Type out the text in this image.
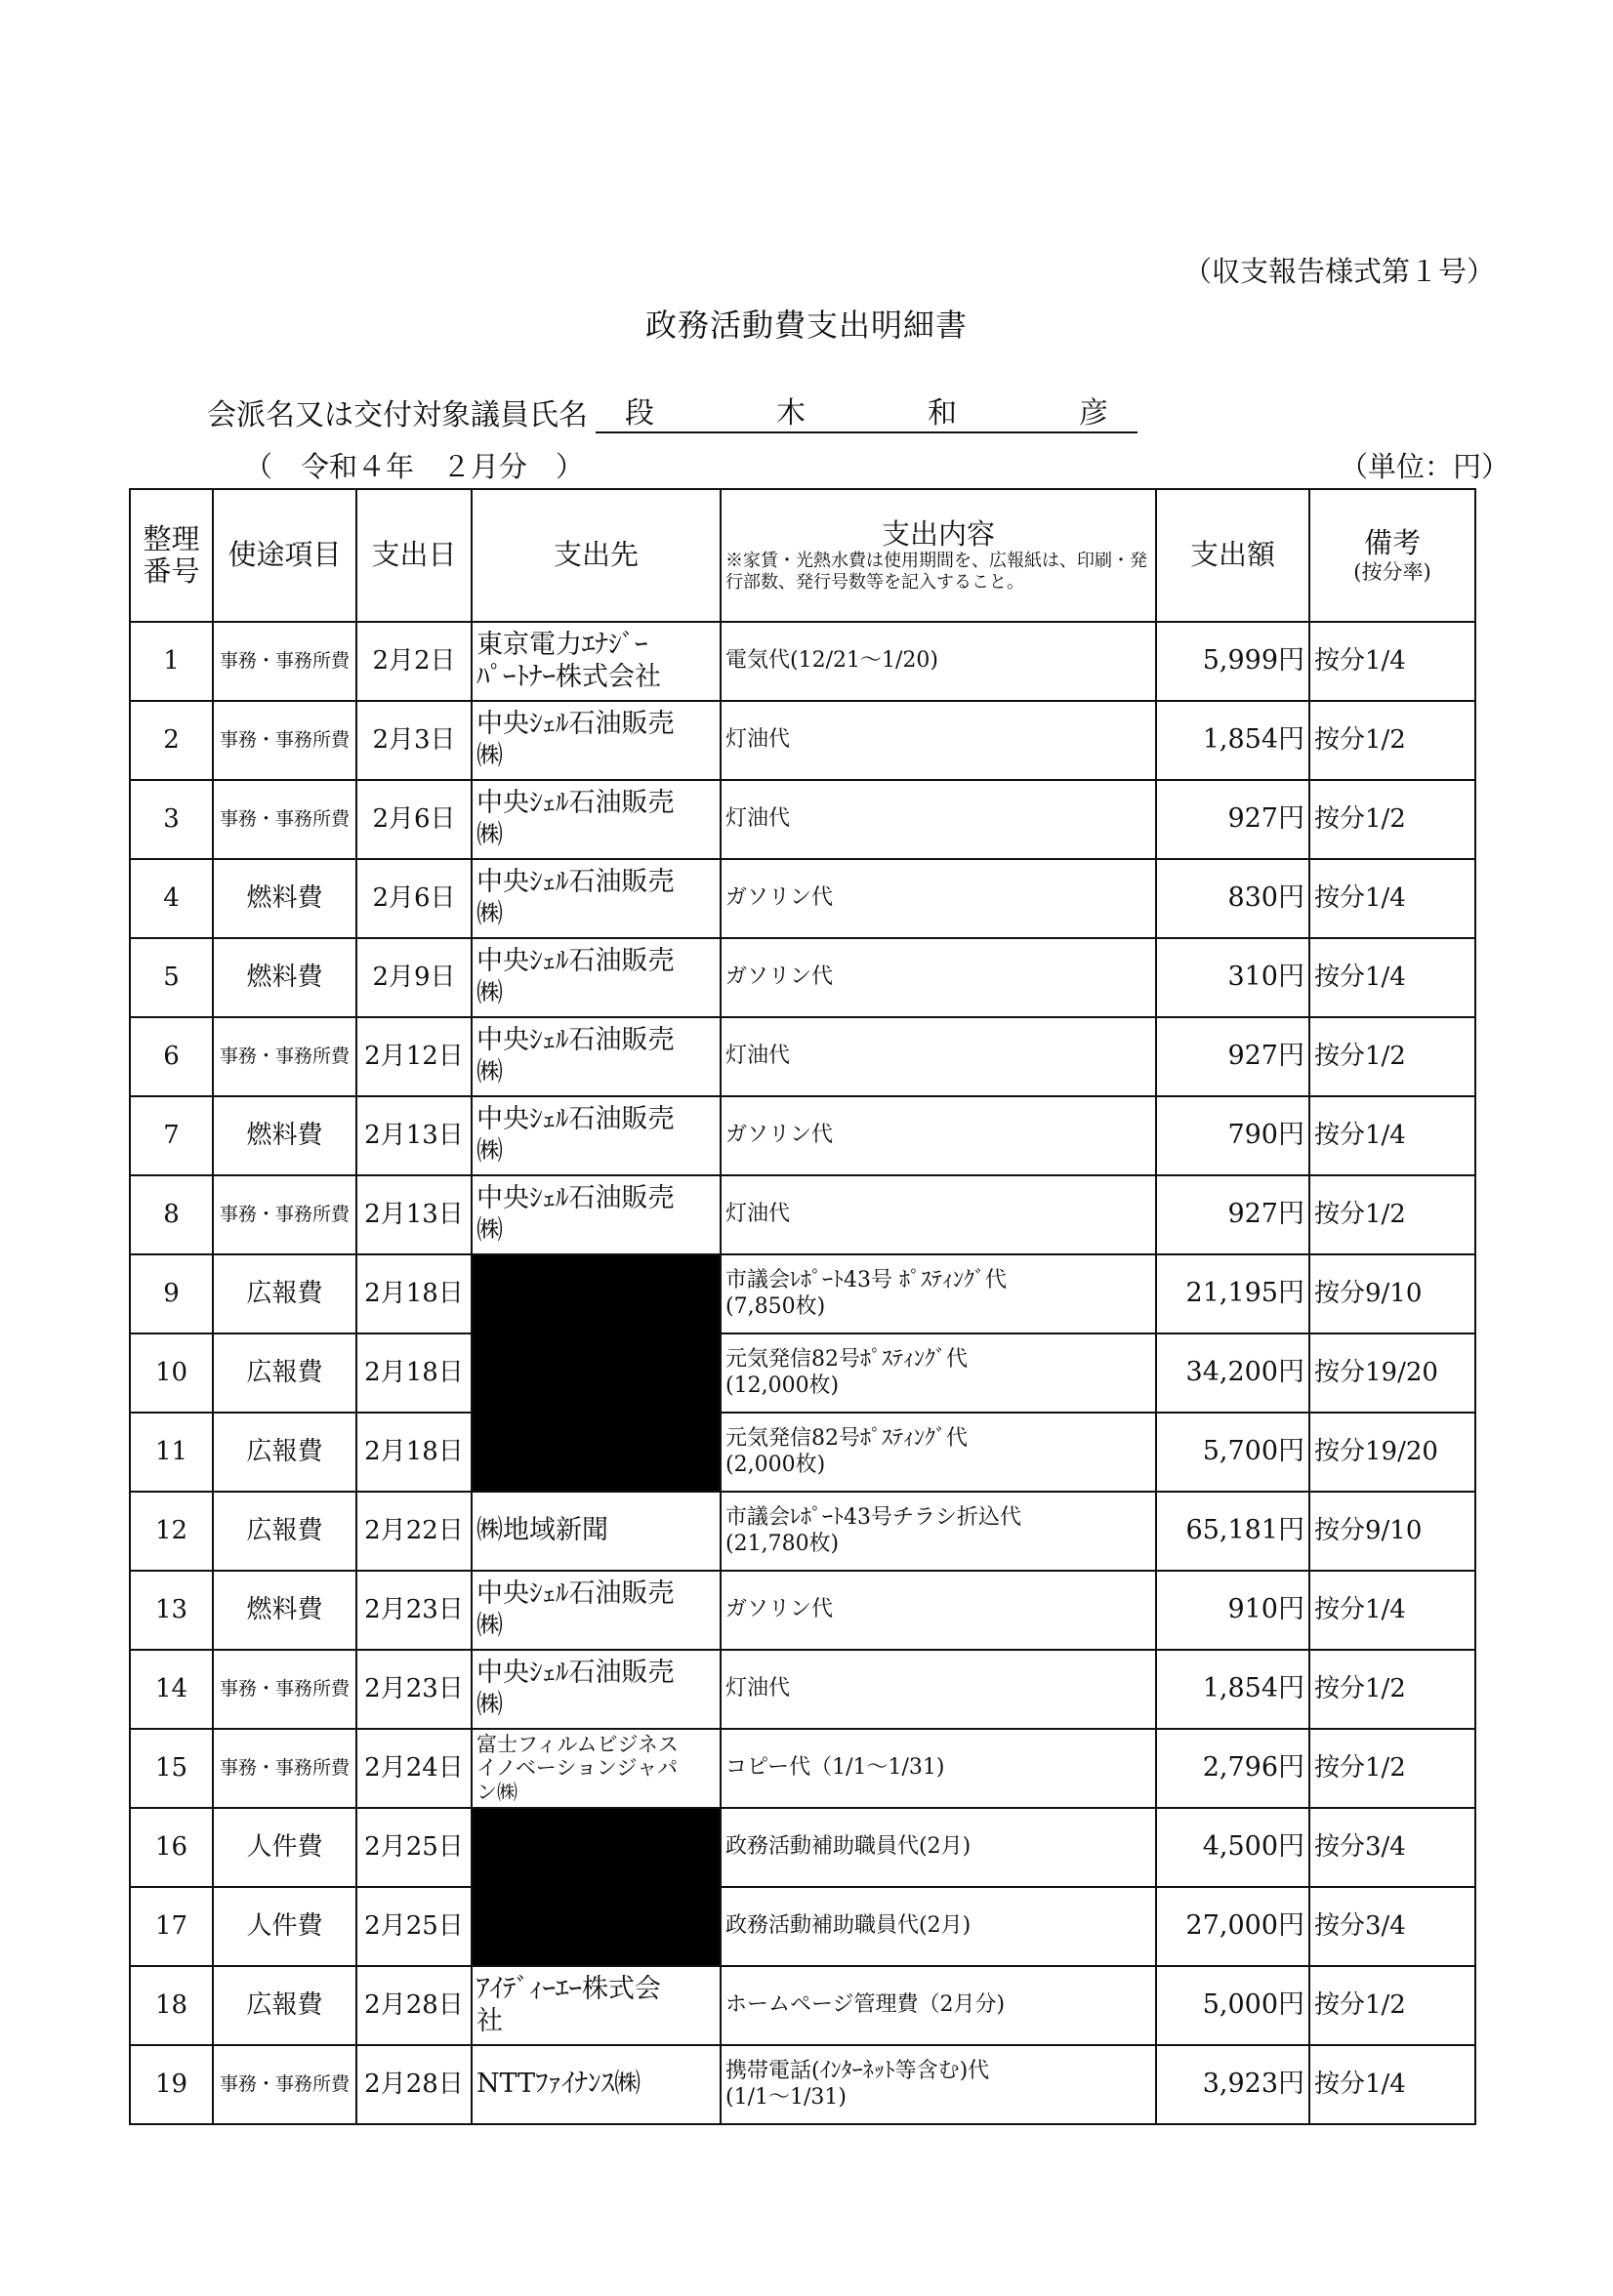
（収支報告様式第１号）
政務活動費支出明細書
会派名又は交付対象議員氏名 段	木	和	彦
（　令和４年　２月分　）	（単位：円）
整理
番号	使途項目	支出日	支出先	支出内容
※家賃・光熱水費は使用期間を、広報紙は、印刷・発行部数、発行号数等を記入すること。	支出額	備考
(按分率)

1	事務・事務所費	2月2日	東京電力ｴﾅｼﾞｰ
ﾊﾟｰﾄﾅｰ株式会社	電気代(12/21～1/20)	5,999円	按分1/4
2	事務・事務所費	2月3日	中央ｼｪﾙ石油販売
㈱	灯油代	1,854円	按分1/2
3	事務・事務所費	2月6日	中央ｼｪﾙ石油販売
㈱	灯油代	927円	按分1/2
4	燃料費	2月6日	中央ｼｪﾙ石油販売
㈱	ガソリン代	830円	按分1/4
5	燃料費	2月9日	中央ｼｪﾙ石油販売
㈱	ガソリン代	310円	按分1/4
6	事務・事務所費	2月12日	中央ｼｪﾙ石油販売
㈱	灯油代	927円	按分1/2
7	燃料費	2月13日	中央ｼｪﾙ石油販売
㈱	ガソリン代	790円	按分1/4
8	事務・事務所費	2月13日	中央ｼｪﾙ石油販売
㈱	灯油代	927円	按分1/2
9	広報費	2月18日		市議会ﾚﾎﾟｰﾄ43号 ﾎﾟｽﾃｨﾝｸﾞ代
(7,850枚)	21,195円	按分9/10
10	広報費	2月18日		元気発信82号ﾎﾟｽﾃｨﾝｸﾞ代
(12,000枚)	34,200円	按分19/20
11	広報費	2月18日		元気発信82号ﾎﾟｽﾃｨﾝｸﾞ代
(2,000枚)	5,700円	按分19/20
12	広報費	2月22日	㈱地域新聞	市議会ﾚﾎﾟｰﾄ43号チラシ折込代
(21,780枚)	65,181円	按分9/10
13	燃料費	2月23日	中央ｼｪﾙ石油販売
㈱	ガソリン代	910円	按分1/4
14	事務・事務所費	2月23日	中央ｼｪﾙ石油販売
㈱	灯油代	1,854円	按分1/2
15	事務・事務所費	2月24日	富士フィルムビジネス
イノベーションジャパ
ン㈱	コピー代（1/1～1/31)	2,796円	按分1/2
16	人件費	2月25日		政務活動補助職員代(2月)	4,500円	按分3/4
17	人件費	2月25日		政務活動補助職員代(2月)	27,000円	按分3/4
18	広報費	2月28日	ｱｲﾃﾞｨｰｴｰ株式会
社	ホームページ管理費（2月分)	5,000円	按分1/2
19	事務・事務所費	2月28日	NTTﾌｧｲﾅﾝｽ㈱	携帯電話(ｲﾝﾀｰﾈｯﾄ等含む)代
(1/1～1/31)	3,923円	按分1/4
